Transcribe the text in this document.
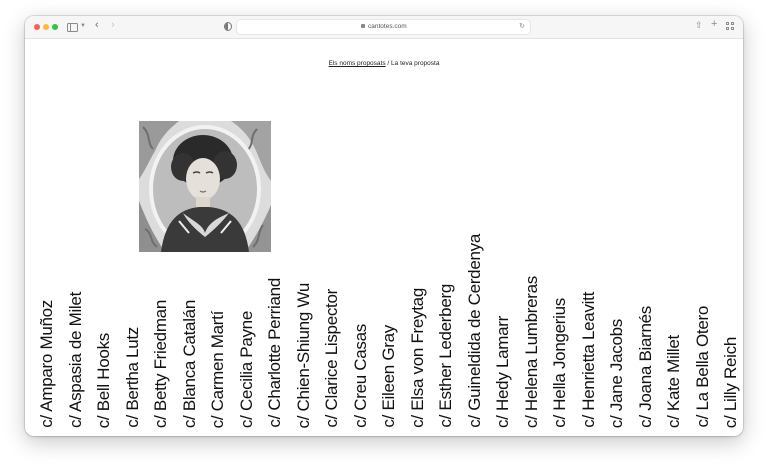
▼ ‹ ›	cantotes.com	↻	⇧ +
Els noms proposats / La teva proposta
c/ Amparo Muñoz c/ Aspasia de Milet c/ Bell Hooks c/ Bertha Lutz c/ Betty Friedman c/ Blanca Catalán c/ Carmen Martí c/ Cecilia Payne c/ Charlotte Perriand c/ Chien-Shiung Wu c/ Clarice Lispector c/ Creu Casas c/ Eileen Gray c/ Elsa von Freytag c/ Esther Lederberg c/ Guineldida de Cerdenya c/ Hedy Lamarr c/ Helena Lumbreras c/ Hella Jongerius c/ Henrietta Leavitt c/ Jane Jacobs c/ Joana Biarnés c/ Kate Millet c/ La Bella Otero c/ Lilly Reich
